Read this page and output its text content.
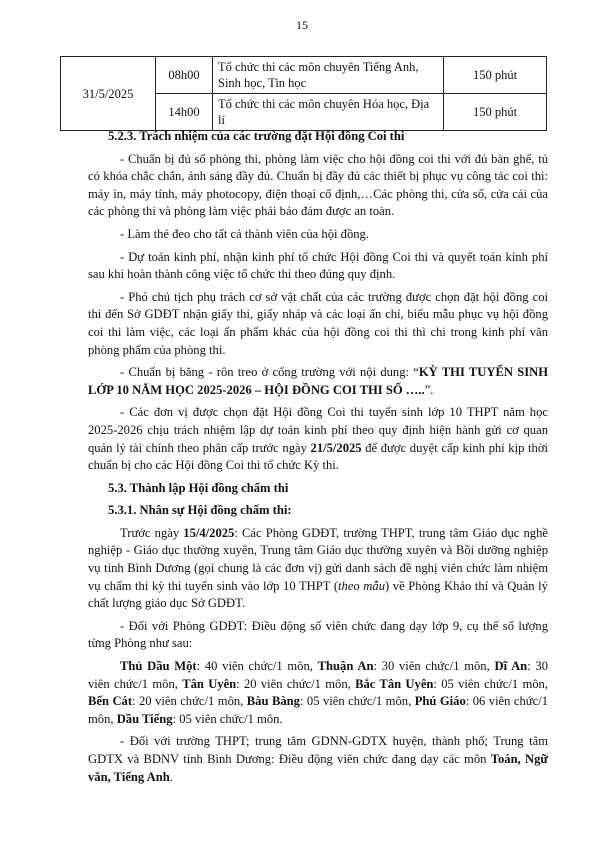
15
31/5/2025	08h00	Tổ chức thi các môn chuyên Tiếng Anh, Sinh học, Tin học	150 phút
	14h00	Tổ chức thi các môn chuyên Hóa học, Địa lí	150 phút

5.2.3. Trách nhiệm của các trường đặt Hội đồng Coi thi

- Chuẩn bị đủ số phòng thi, phòng làm việc cho hội đồng coi thi với đủ bàn ghế, tủ có khóa chắc chắn, ánh sáng đầy đủ. Chuẩn bị đầy đủ các thiết bị phục vụ công tác coi thi: máy in, máy tính, máy photocopy, điện thoại cố định,…Các phòng thi, cửa sổ, cửa cái của các phòng thi và phòng làm việc phải bảo đảm được an toàn.

- Làm thẻ đeo cho tất cả thành viên của hội đồng.

- Dự toán kinh phí, nhận kinh phí tổ chức Hội đồng Coi thi và quyết toán kinh phí sau khi hoàn thành công việc tổ chức thi theo đúng quy định.

- Phó chủ tịch phụ trách cơ sở vật chất của các trường được chọn đặt hội đồng coi thi đến Sở GDĐT nhận giấy thi, giấy nháp và các loại ấn chỉ, biểu mẫu phục vụ hội đồng coi thi làm việc, các loại ấn phẩm khác của hội đồng coi thi thì chi trong kinh phí văn phòng phẩm của phòng thi.

- Chuẩn bị băng - rôn treo ở cổng trường với nội dung: “KỲ THI TUYỂN SINH LỚP 10 NĂM HỌC 2025-2026 – HỘI ĐỒNG COI THI SỐ …..”.

- Các đơn vị được chọn đặt Hội đồng Coi thi tuyển sinh lớp 10 THPT năm học 2025-2026 chịu trách nhiệm lập dự toán kinh phí theo quy định hiện hành gửi cơ quan quản lý tài chính theo phân cấp trước ngày 21/5/2025 để được duyệt cấp kinh phí kịp thời chuẩn bị cho các Hội đồng Coi thi tổ chức Kỳ thi.

5.3. Thành lập Hội đồng chấm thi

5.3.1. Nhân sự Hội đồng chấm thi:

Trước ngày 15/4/2025: Các Phòng GDĐT, trường THPT, trung tâm Giáo dục nghề nghiệp - Giáo dục thường xuyên, Trung tâm Giáo dục thường xuyên và Bồi dưỡng nghiệp vụ tỉnh Bình Dương (gọi chung là các đơn vị) gửi danh sách đề nghị viên chức làm nhiệm vụ chấm thi kỳ thi tuyển sinh vào lớp 10 THPT (theo mẫu) về Phòng Khảo thí và Quản lý chất lượng giáo dục Sở GDĐT.

- Đối với Phòng GDĐT: Điều động số viên chức đang dạy lớp 9, cụ thể số lượng từng Phòng như sau:

Thủ Dầu Một: 40 viên chức/1 môn, Thuận An: 30 viên chức/1 môn, Dĩ An: 30 viên chức/1 môn, Tân Uyên: 20 viên chức/1 môn, Bắc Tân Uyên: 05 viên chức/1 môn, Bến Cát: 20 viên chức/1 môn, Bàu Bàng: 05 viên chức/1 môn, Phú Giáo: 06 viên chức/1 môn, Dầu Tiếng: 05 viên chức/1 môn.

- Đối với trường THPT; trung tâm GDNN-GDTX huyện, thành phố; Trung tâm GDTX và BDNV tỉnh Bình Dương: Điều động viên chức đang dạy các môn Toán, Ngữ văn, Tiếng Anh.
